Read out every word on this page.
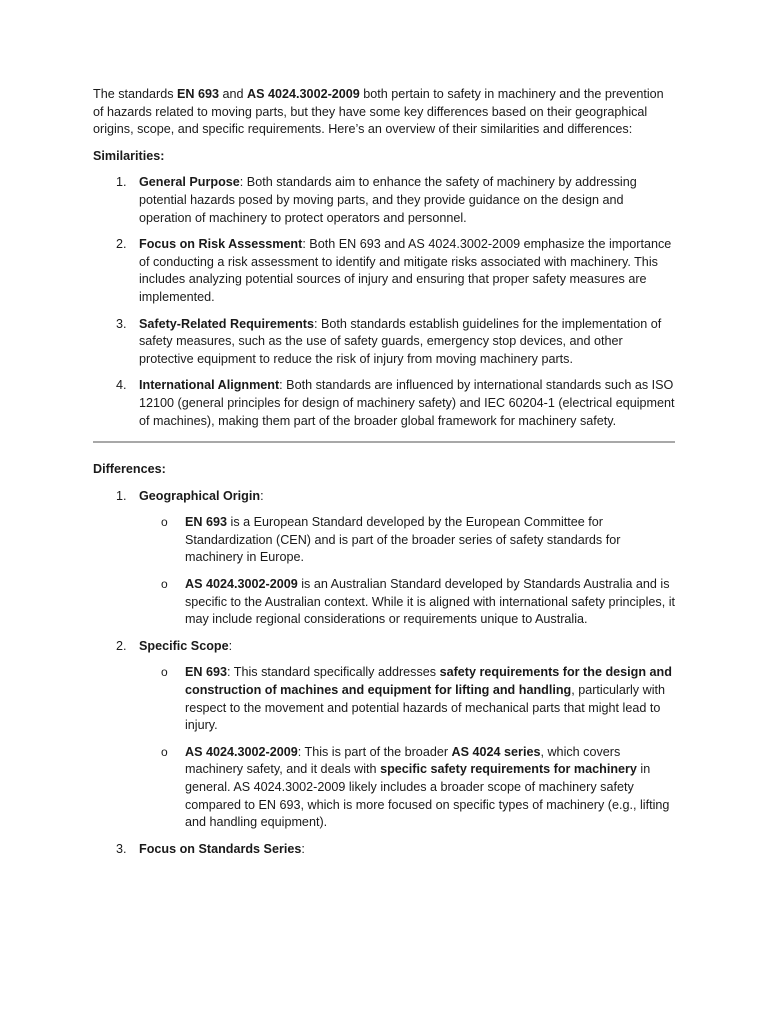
The standards EN 693 and AS 4024.3002-2009 both pertain to safety in machinery and the prevention of hazards related to moving parts, but they have some key differences based on their geographical origins, scope, and specific requirements. Here’s an overview of their similarities and differences:

Similarities:

1. General Purpose: Both standards aim to enhance the safety of machinery by addressing potential hazards posed by moving parts, and they provide guidance on the design and operation of machinery to protect operators and personnel.
2. Focus on Risk Assessment: Both EN 693 and AS 4024.3002-2009 emphasize the importance of conducting a risk assessment to identify and mitigate risks associated with machinery. This includes analyzing potential sources of injury and ensuring that proper safety measures are implemented.
3. Safety-Related Requirements: Both standards establish guidelines for the implementation of safety measures, such as the use of safety guards, emergency stop devices, and other protective equipment to reduce the risk of injury from moving machinery parts.
4. International Alignment: Both standards are influenced by international standards such as ISO 12100 (general principles for design of machinery safety) and IEC 60204-1 (electrical equipment of machines), making them part of the broader global framework for machinery safety.

Differences:

1. Geographical Origin:
o EN 693 is a European Standard developed by the European Committee for Standardization (CEN) and is part of the broader series of safety standards for machinery in Europe.
o AS 4024.3002-2009 is an Australian Standard developed by Standards Australia and is specific to the Australian context. While it is aligned with international safety principles, it may include regional considerations or requirements unique to Australia.
2. Specific Scope:
o EN 693: This standard specifically addresses safety requirements for the design and construction of machines and equipment for lifting and handling, particularly with respect to the movement and potential hazards of mechanical parts that might lead to injury.
o AS 4024.3002-2009: This is part of the broader AS 4024 series, which covers machinery safety, and it deals with specific safety requirements for machinery in general. AS 4024.3002-2009 likely includes a broader scope of machinery safety compared to EN 693, which is more focused on specific types of machinery (e.g., lifting and handling equipment).
3. Focus on Standards Series:
